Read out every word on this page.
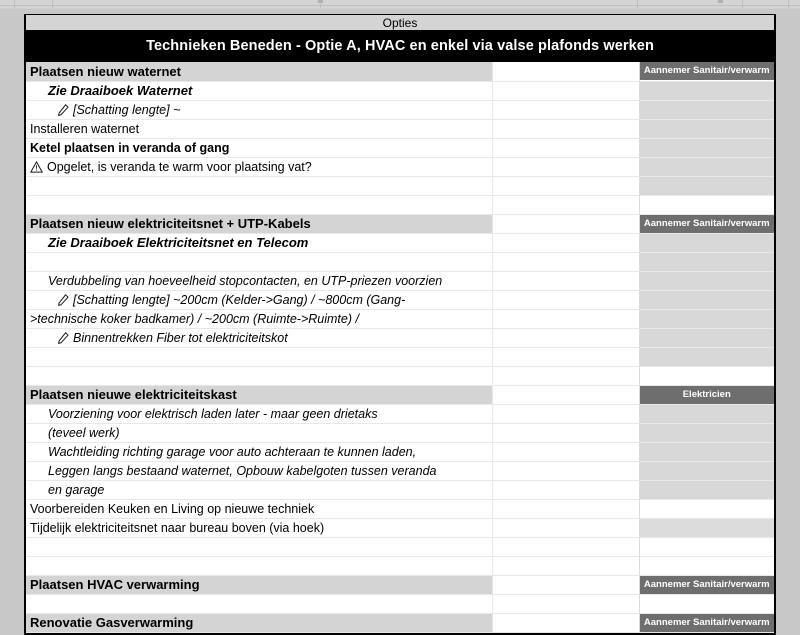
Opties		
Technieken Beneden - Optie A, HVAC en enkel via valse plafonds werken		
Plaatsen nieuw waternet		Aannemer Sanitair/verwarm

Zie Draaiboek Waternet		

[Schatting lengte] ~		
Installeren waternet		
Ketel plaatsen in veranda of gang		

Opgelet, is veranda te warm voor plaatsing vat?		

Plaatsen nieuw elektriciteitsnet + UTP-Kabels		Aannemer Sanitair/verwarm

Zie Draaiboek Elektriciteitsnet en Telecom		

Verdubbeling van hoeveelheid stopcontacten, en UTP-priezen voorzien		

[Schatting lengte] ~200cm (Kelder->Gang) / ~800cm (Gang-		
>technische koker badkamer) / ~200cm (Ruimte->Ruimte) /		

Binnentrekken Fiber tot elektriciteitskot		

Plaatsen nieuwe elektriciteitskast		Elektricien

Voorziening voor elektrisch laden later - maar geen drietaks		
(teveel werk)		
Wachtleiding richting garage voor auto achteraan te kunnen laden,		
Leggen langs bestaand waternet, Opbouw kabelgoten tussen veranda		
en garage		
Voorbereiden Keuken en Living op nieuwe techniek		
Tijdelijk elektriciteitsnet naar bureau boven (via hoek)		

Plaatsen HVAC verwarming		Aannemer Sanitair/verwarm

Renovatie Gasverwarming		Aannemer Sanitair/verwarm
